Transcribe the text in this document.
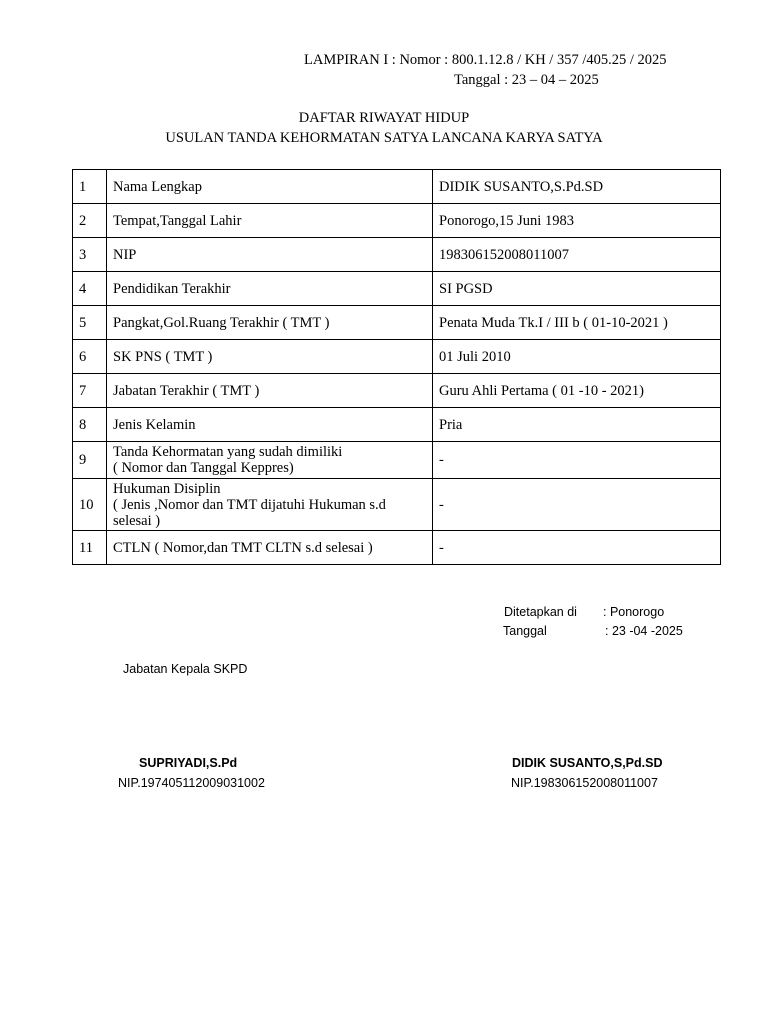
LAMPIRAN I : Nomor : 800.1.12.8 / KH / 357 /405.25 / 2025
Tanggal : 23 – 04 – 2025
DAFTAR RIWAYAT HIDUP
USULAN TANDA KEHORMATAN SATYA LANCANA KARYA SATYA
1	Nama Lengkap	DIDIK SUSANTO,S.Pd.SD
2	Tempat,Tanggal Lahir	Ponorogo,15 Juni 1983
3	NIP	198306152008011007
4	Pendidikan Terakhir	SI PGSD
5	Pangkat,Gol.Ruang Terakhir ( TMT )	Penata Muda Tk.I / III b ( 01-10-2021 )
6	SK PNS ( TMT )	01 Juli 2010
7	Jabatan Terakhir ( TMT )	Guru Ahli Pertama ( 01 -10 - 2021)
8	Jenis Kelamin	Pria
9	Tanda Kehormatan yang sudah dimiliki
( Nomor dan Tanggal Keppres)	-
10	Hukuman Disiplin
( Jenis ,Nomor dan TMT dijatuhi Hukuman s.d
selesai )	-
11	CTLN ( Nomor,dan TMT CLTN s.d selesai )	-
Ditetapkan di : Ponorogo
Tanggal	: 23 -04 -2025
Jabatan Kepala SKPD
SUPRIYADI,S.Pd
NIP.197405112009031002
DIDIK SUSANTO,S,Pd.SD
NIP.198306152008011007
